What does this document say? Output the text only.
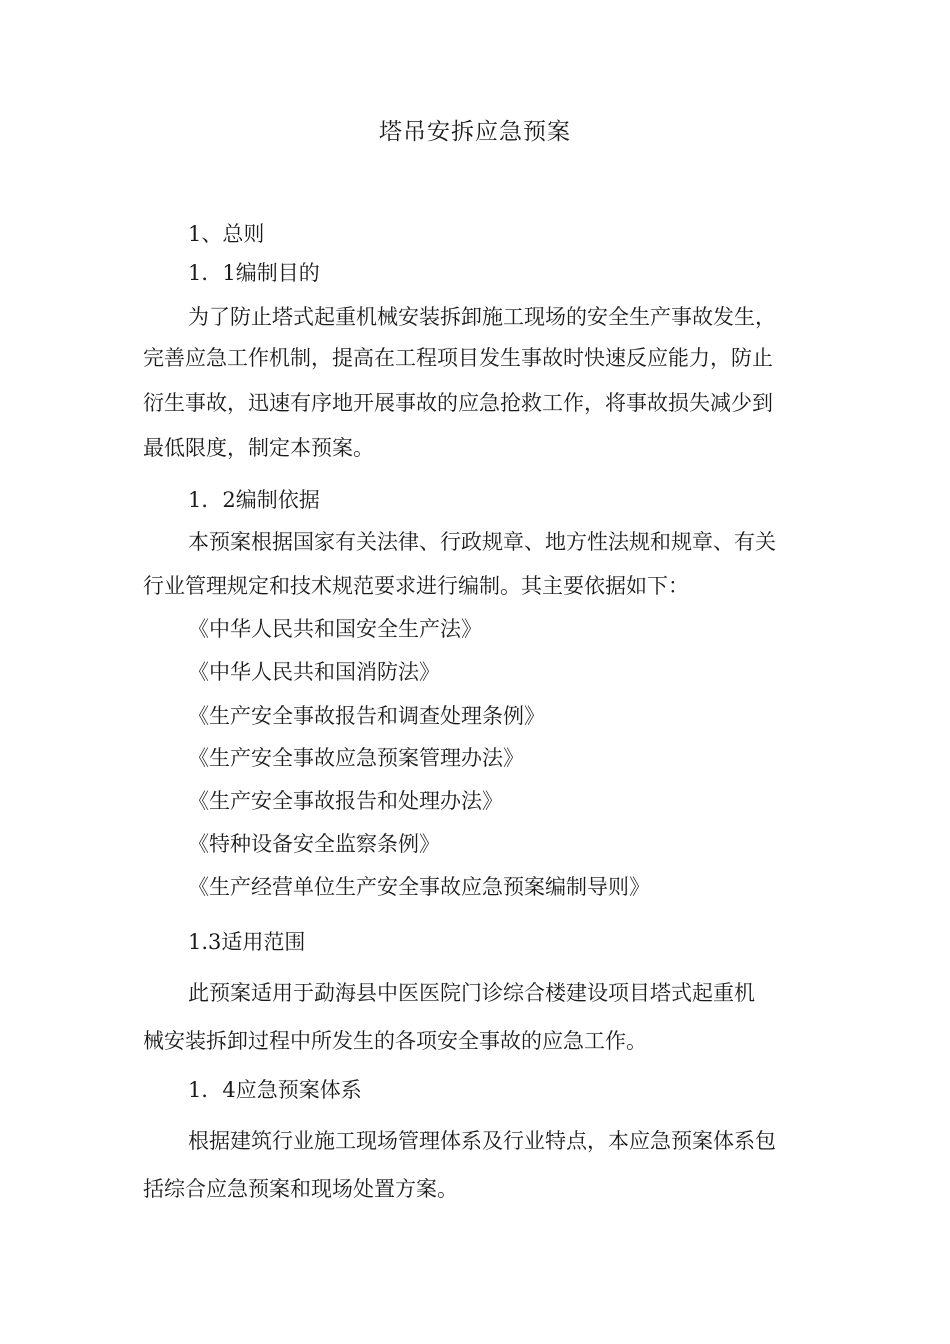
塔吊安拆应急预案
1、总则
1．1编制目的
为了防止塔式起重机械安装拆卸施工现场的安全生产事故发生，
完善应急工作机制，提高在工程项目发生事故时快速反应能力，防止
衍生事故，迅速有序地开展事故的应急抢救工作，将事故损失减少到
最低限度，制定本预案。
1．2编制依据
本预案根据国家有关法律、行政规章、地方性法规和规章、有关
行业管理规定和技术规范要求进行编制。其主要依据如下：
《中华人民共和国安全生产法》
《中华人民共和国消防法》
《生产安全事故报告和调查处理条例》
《生产安全事故应急预案管理办法》
《生产安全事故报告和处理办法》
《特种设备安全监察条例》
《生产经营单位生产安全事故应急预案编制导则》
1.3适用范围
此预案适用于勐海县中医医院门诊综合楼建设项目塔式起重机
械安装拆卸过程中所发生的各项安全事故的应急工作。
1．4应急预案体系
根据建筑行业施工现场管理体系及行业特点，本应急预案体系包
括综合应急预案和现场处置方案。
